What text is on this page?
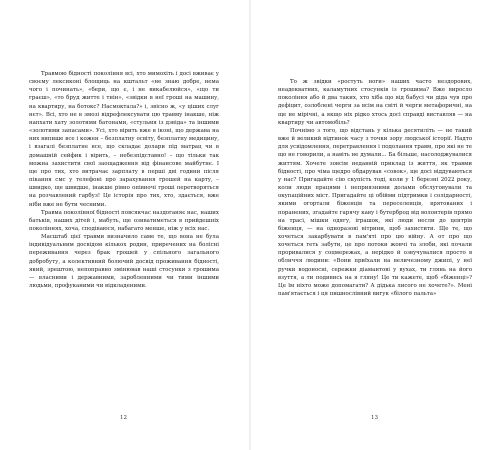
Травмою бідності покоління всі, хто мимохіть і досі вживає у своєму лексиконі блощиць на кштальт «не знаю добре, нема чого і починать», «бери, що є, і не викабелюйся», «що ти граєш», «то бруд житте і тнін», «звідки в неї гроші на машину, на квартиру, на ботокс? Насмоктала?» і, звісно ж, «у ціших слуг нєт». Всі, хто не в змозі відрефлексувати цю травму інакше, ніж напхати хату золотими батонами, «стульмя із дзвіда» та іншими «золотими запасами». Усі, хто вірить вже в іконі, що держава на них випише все і кожен – безплатну освіту, безплатну медицину, і взагалі безплатне все, що складає долари під матрац чи в домашній сейфик і вірить, – небезпідставно! – що тільки так можна захистити свої заощадження від фінансове майбутнє. І ще про тих, хто витрачає зарплату в перші дві години після пікання смс у телефоні про зарахування грошей на карту, – швидко, ще швидше, інакше рівно опівночі гроші перетворяться на розчавлений гарбуз! Це історія про тих, хто, здається, вже ніби вже не бути чесними.

Травма поколінної бідності повсякчас наздоганяє нас, наших батьків, наших дітей і, мабуть, ще озиватиметься в прийдешніх поколіннях, хоча, сподіваюся, набагато менше, ніж у всіх нас.

Масштаб цієї травми визначило саме те, що вона не була індивідуальним досвідом кількох родин, приречених на болісні переживання через брак грошей у спільного загального добробуту, а колективний болючий досвід проживання бідності, який, зрештою, непоправно змінював наші стосунки з грошима — власними і державними, зароблениими чи тими іншими людьми, профуканими чи відкладеними.

12

То ж звідки «ростуть ноги» наших часто нездорових, неадекватних, каламутних стосунків із грошима? Вже виросло покоління або й два таких, хто хіба що від бабусі чи діда чув про дефіцит, озлоблені черги за всім на світі й черги метафоричні, на ще не мірічні, а якщо ніх рідко хтось досі справді виставляв — на квартиру чи автомобіль?

Почнімо з того, що відстань у кілька десятиліть — не такий вже й великий відтинок часу з точки зору людської історії. Надто для усвідомлення, перетравлення і подолання травм, про які не те що не говорили, а навіть не думали... Ба більше, насолоджувалися життям. Хочете зовсім недавній приклад із життя, як травми бідності, про чіма щедро обдарував «совок», ще досі віддуваються у нас? Пригадайте сію скупість тоді, коли у 1 березні 2022 року, коли люди працями і неприязними долами обслуговували та окупаційних міст. Пригадайте ці обійми підтримки і солідарності, якими огортали біженців та переселенців, врятованих і поранених, згадайте гарячу каву і бутерброд від волонтерів прямо на трасі, мішки одягу, іграшок, які люди несли до центрів біженця, — на одноразові вітрини, щоб захистити. Ще те, що хочеться закарбувати в пам'яті про цю війну. А от про що хочеться геть забути, це про потоки жовчі та злоби, які почали проривалися у соцмережах, а нерідко й озвучувалися просто в обличчя людини: «Вони приїхали на величезному джипі, у неї ручки водоносні, сережки діамантові у вухах, ти глянь на його взуття, а ти подивись на я гляну! Це ти кажете, щоб «біженці»? Це їм ніхто може допомагати? А дідька лисого не хочете?». Мені пам'ятається і ця пишнослівний вигук «білого пальта»

13
